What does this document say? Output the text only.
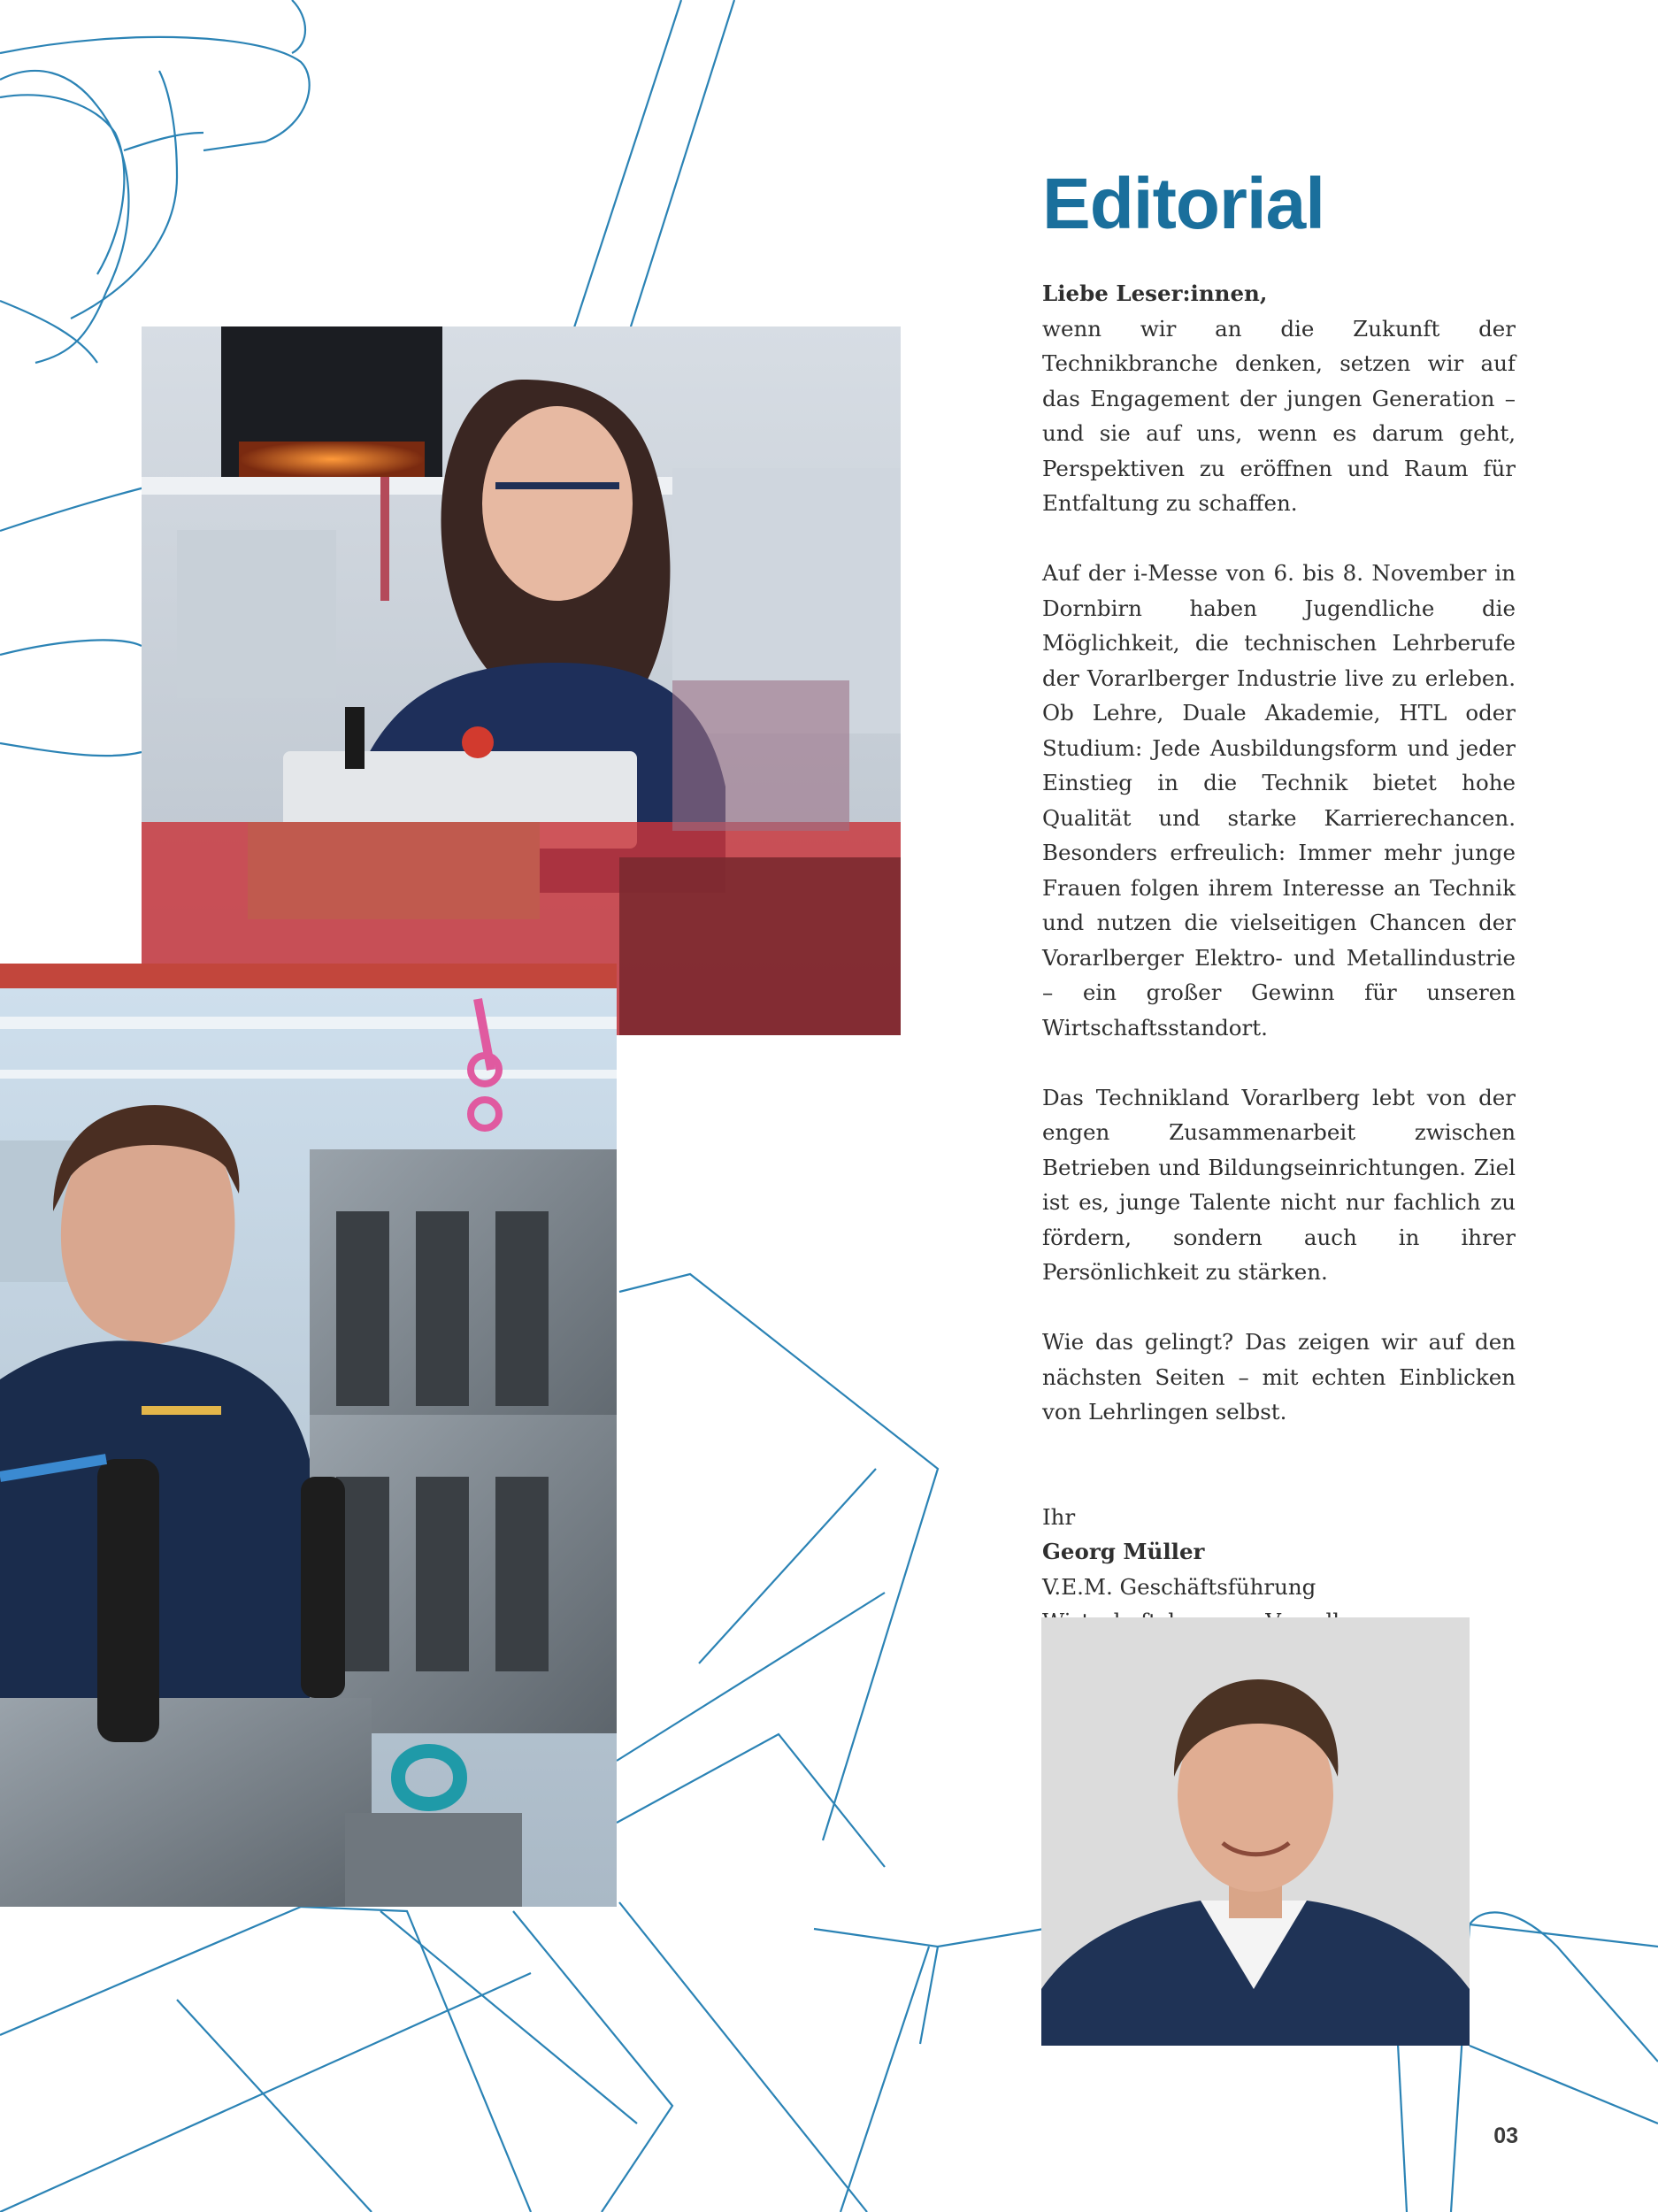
Editorial

Liebe Leser:innen,

wenn wir an die Zukunft der Technikbranche denken, setzen wir auf das Engagement der jungen Generation – und sie auf uns, wenn es darum geht, Perspektiven zu eröffnen und Raum für Entfaltung zu schaffen.

Auf der i-Messe von 6. bis 8. November in Dornbirn haben Jugendliche die Möglichkeit, die technischen Lehrberufe der Vorarlberger Industrie live zu erleben. Ob Lehre, Duale Akademie, HTL oder Studium: Jede Ausbildungsform und jeder Einstieg in die Technik bietet hohe Qualität und starke Karrierechancen. Besonders erfreulich: Immer mehr junge Frauen folgen ihrem Interesse an Technik und nutzen die vielseitigen Chancen der Vorarlberger Elektro- und Metallindustrie – ein großer Gewinn für unseren Wirtschaftsstandort.

Das Technikland Vorarlberg lebt von der engen Zusammenarbeit zwischen Betrieben und Bildungseinrichtungen. Ziel ist es, junge Talente nicht nur fachlich zu fördern, sondern auch in ihrer Persönlichkeit zu stärken.

Wie das gelingt? Das zeigen wir auf den nächsten Seiten – mit echten Einblicken von Lehrlingen selbst.

Ihr

Georg Müller

V.E.M. Geschäftsführung

03
